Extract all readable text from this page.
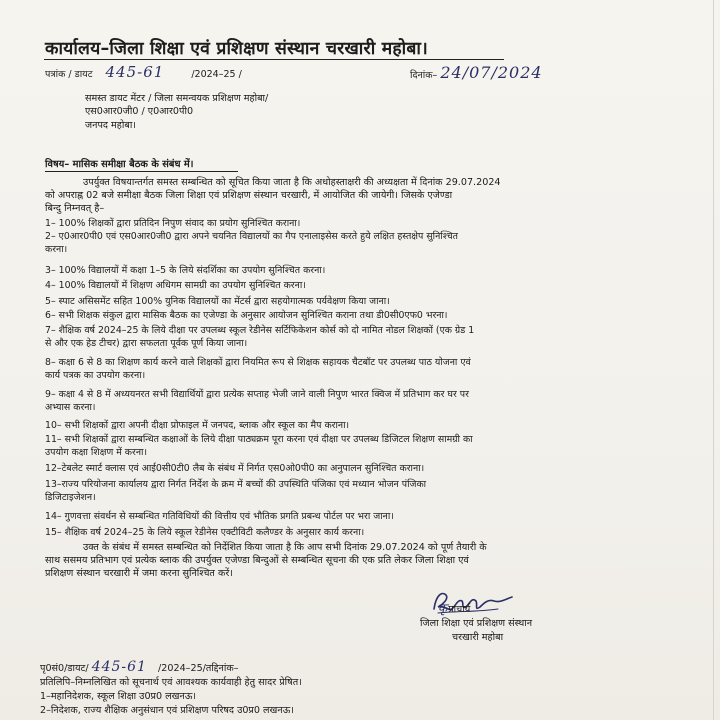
कार्यालय–जिला शिक्षा एवं प्रशिक्षण संस्थान चरखारी महोबा।
पत्रांक / डायट 445-61	/2024–25 /	दिनांक– 24/07/2024
समस्त डायट मेंटर / जिला समन्वयक प्रशिक्षण महोबा/
एस0आर0जी0 / ए0आर0पी0
जनपद महोबा।
विषय– मासिक समीक्षा बैठक के संबंध में।
उपर्युक्त विषयान्तर्गत समस्त सम्बन्धित को सूचित किया जाता है कि अधोहस्ताक्षरी की अध्यक्षता में दिनांक 29.07.2024
को अपराह्न 02 बजे समीक्षा बैठक जिला शिक्षा एवं प्रशिक्षण संस्थान चरखारी, में आयोजित की जायेगी। जिसके एजेण्डा
बिन्दु निम्नवत् है–
1– 100% शिक्षकों द्वारा प्रतिदिन निपुण संवाद का प्रयोग सुनिश्चित कराना।
2– ए0आर0पी0 एवं एस0आर0जी0 द्वारा अपने चयनित विद्यालयों का गैप एनालाइसेस करते हुये लक्षित हस्तक्षेप सुनिश्चित
करना।
3– 100% विद्यालयों में कक्षा 1–5 के लिये संदर्शिका का उपयोग सुनिश्चित करना।
4– 100% विद्यालयों में शिक्षण अधिगम सामग्री का उपयोग सुनिश्चित करना।
5– स्पाट असिसमेंट सहित 100% युनिक विद्यालयों का मेंटर्स द्वारा सहयोगात्मक पर्यवेक्षण किया जाना।
6– सभी शिक्षक संकुल द्वारा मासिक बैठक का एजेण्डा के अनुसार आयोजन सुनिश्चित कराना तथा डी0सी0एफ0 भरना।
7– शैक्षिक वर्ष 2024–25 के लिये दीक्षा पर उपलब्ध स्कूल रेडीनेस सर्टिफिकेशन कोर्स को दो नामित नोडल शिक्षकों (एक ग्रेड 1
से और एक हेड टीचर) द्वारा सफलता पूर्वक पूर्ण किया जाना।
8– कक्षा 6 से 8 का शिक्षण कार्य करने वाले शिक्षकों द्वारा नियमित रूप से शिक्षक सहायक चैटबॉट पर उपलब्ध पाठ योजना एवं
कार्य पत्रक का उपयोग करना।
9– कक्षा 4 से 8 में अध्ययनरत सभी विद्यार्थियों द्वारा प्रत्येक सप्ताह भेजी जाने वाली निपुण भारत क्विज में प्रतिभाग कर घर पर
अभ्यास करना।
10– सभी शिक्षकों द्वारा अपनी दीक्षा प्रोफाइल में जनपद, ब्लाक और स्कूल का मैप कराना।
11– सभी शिक्षकों द्वारा सम्बन्धित कक्षाओं के लिये दीक्षा पाठ्यक्रम पूरा करना एवं दीक्षा पर उपलब्ध डिजिटल शिक्षण सामग्री का
उपयोग कक्षा शिक्षण में करना।
12–टेबलेट स्मार्ट क्लास एवं आई0सी0टी0 लैब के संबंध में निर्गत एस0ओ0पी0 का अनुपालन सुनिश्चित कराना।
13–राज्य परियोजना कार्यालय द्वारा निर्गत निर्देश के क्रम में बच्चों की उपस्थिति पंजिका एवं मध्यान भोजन पंजिका
डिजिटाइजेशन।
14– गुणवत्ता संवर्धन से सम्बन्धित गतिविधियों की वित्तीय एवं भौतिक प्रगति प्रबन्ध पोर्टल पर भरा जाना।
15– शैक्षिक वर्ष 2024–25 के लिये स्कूल रेडीनेस एक्टीविटी कलैण्डर के अनुसार कार्य करना।
उक्त के संबंध में समस्त सम्बन्धित को निर्देशित किया जाता है कि आप सभी दिनांक 29.07.2024 को पूर्ण तैयारी के
साथ ससमय प्रतिभाग एवं प्रत्येक ब्लाक की उपर्युक्त एजेण्डा बिन्दुओं से सम्बन्धित सूचना की एक प्रति लेकर जिला शिक्षा एवं
प्रशिक्षण संस्थान चरखारी में जमा करना सुनिश्चित करें।
कृप्राचार्य
जिला शिक्षा एवं प्रशिक्षण संस्थान
चरखारी महोबा
पृ0सं0/डायट/ 445-61 /2024–25/तद्दिनांक–
प्रतिलिपि–निम्नलिखित को सूचनार्थ एवं आवश्यक कार्यवाही हेतु सादर प्रेषित।
1–महानिदेशक, स्कूल शिक्षा उ0प्र0 लखनऊ।
2–निदेशक, राज्य शैक्षिक अनुसंधान एवं प्रशिक्षण परिषद उ0प्र0 लखनऊ।
